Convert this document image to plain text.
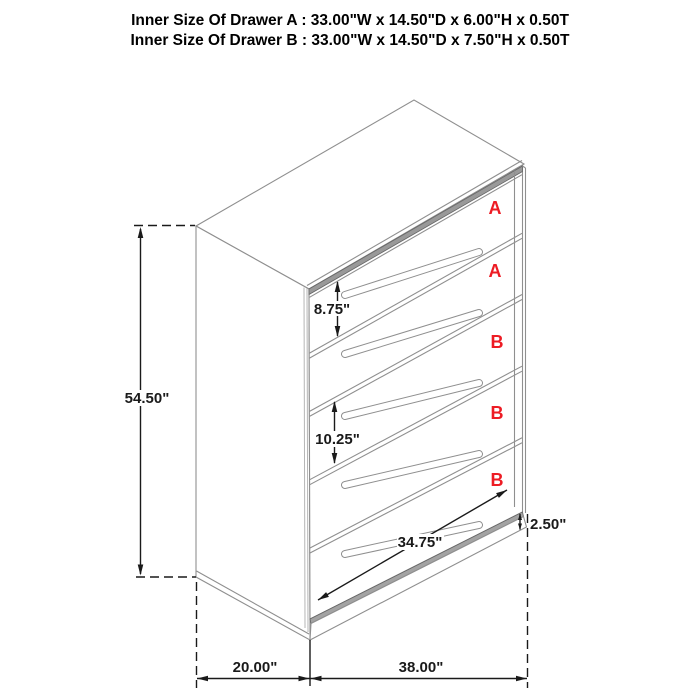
Inner Size Of Drawer A : 33.00"W x 14.50"D x 6.00"H x 0.50T
Inner Size Of Drawer B : 33.00"W x 14.50"D x 7.50"H x 0.50T
A
A
B
B
B
54.50"
8.75"
10.25"
34.75"
2.50"
20.00"	38.00"
